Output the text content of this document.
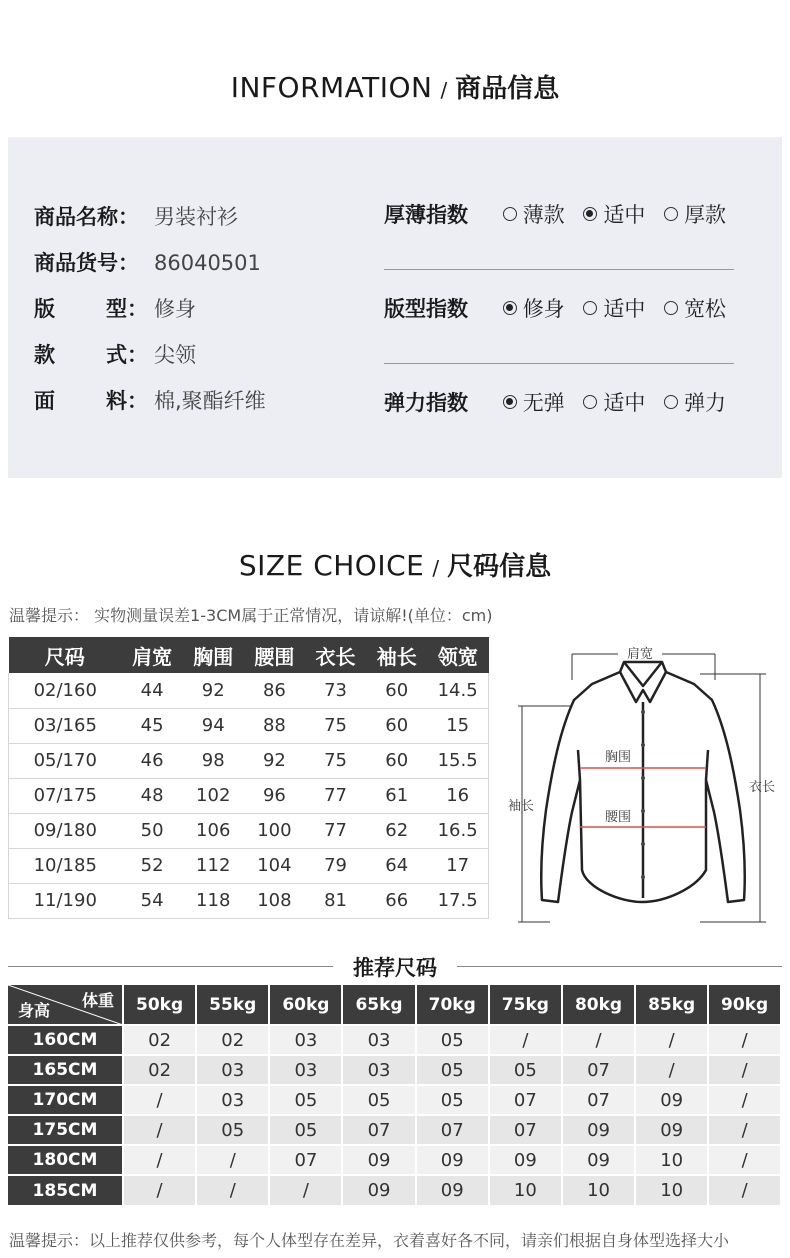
INFORMATION / 商品信息
商品名称： 男装衬衫
商品货号： 86040501
版 型： 修身
款 式： 尖领
面 料： 棉,聚酯纤维
厚薄指数	薄款 适中 厚款
版型指数	修身 适中 宽松
弹力指数	无弹 适中 弹力
SIZE CHOICE / 尺码信息
温馨提示： 实物测量误差1-3CM属于正常情况，请谅解!(单位：cm)
尺码	肩宽	胸围	腰围	衣长	袖长	领宽
02/160	44	92	86	73	60	14.5
03/165	45	94	88	75	60	15
05/170	46	98	92	75	60	15.5
07/175	48	102	96	77	61	16
09/180	50	106	100	77	62	16.5
10/185	52	112	104	79	64	17
11/190	54	118	108	81	66	17.5
肩宽
胸围
腰围
袖长
衣长
推荐尺码
体重
身高	50kg	55kg	60kg	65kg	70kg	75kg	80kg	85kg	90kg
160CM	02	02	03	03	05	/	/	/	/
165CM	02	03	03	03	05	05	07	/	/
170CM	/	03	05	05	05	07	07	09	/
175CM	/	05	05	07	07	07	09	09	/
180CM	/	/	07	09	09	09	09	10	/
185CM	/	/	/	09	09	10	10	10	/
温馨提示：以上推荐仅供参考，每个人体型存在差异，衣着喜好各不同，请亲们根据自身体型选择大小
